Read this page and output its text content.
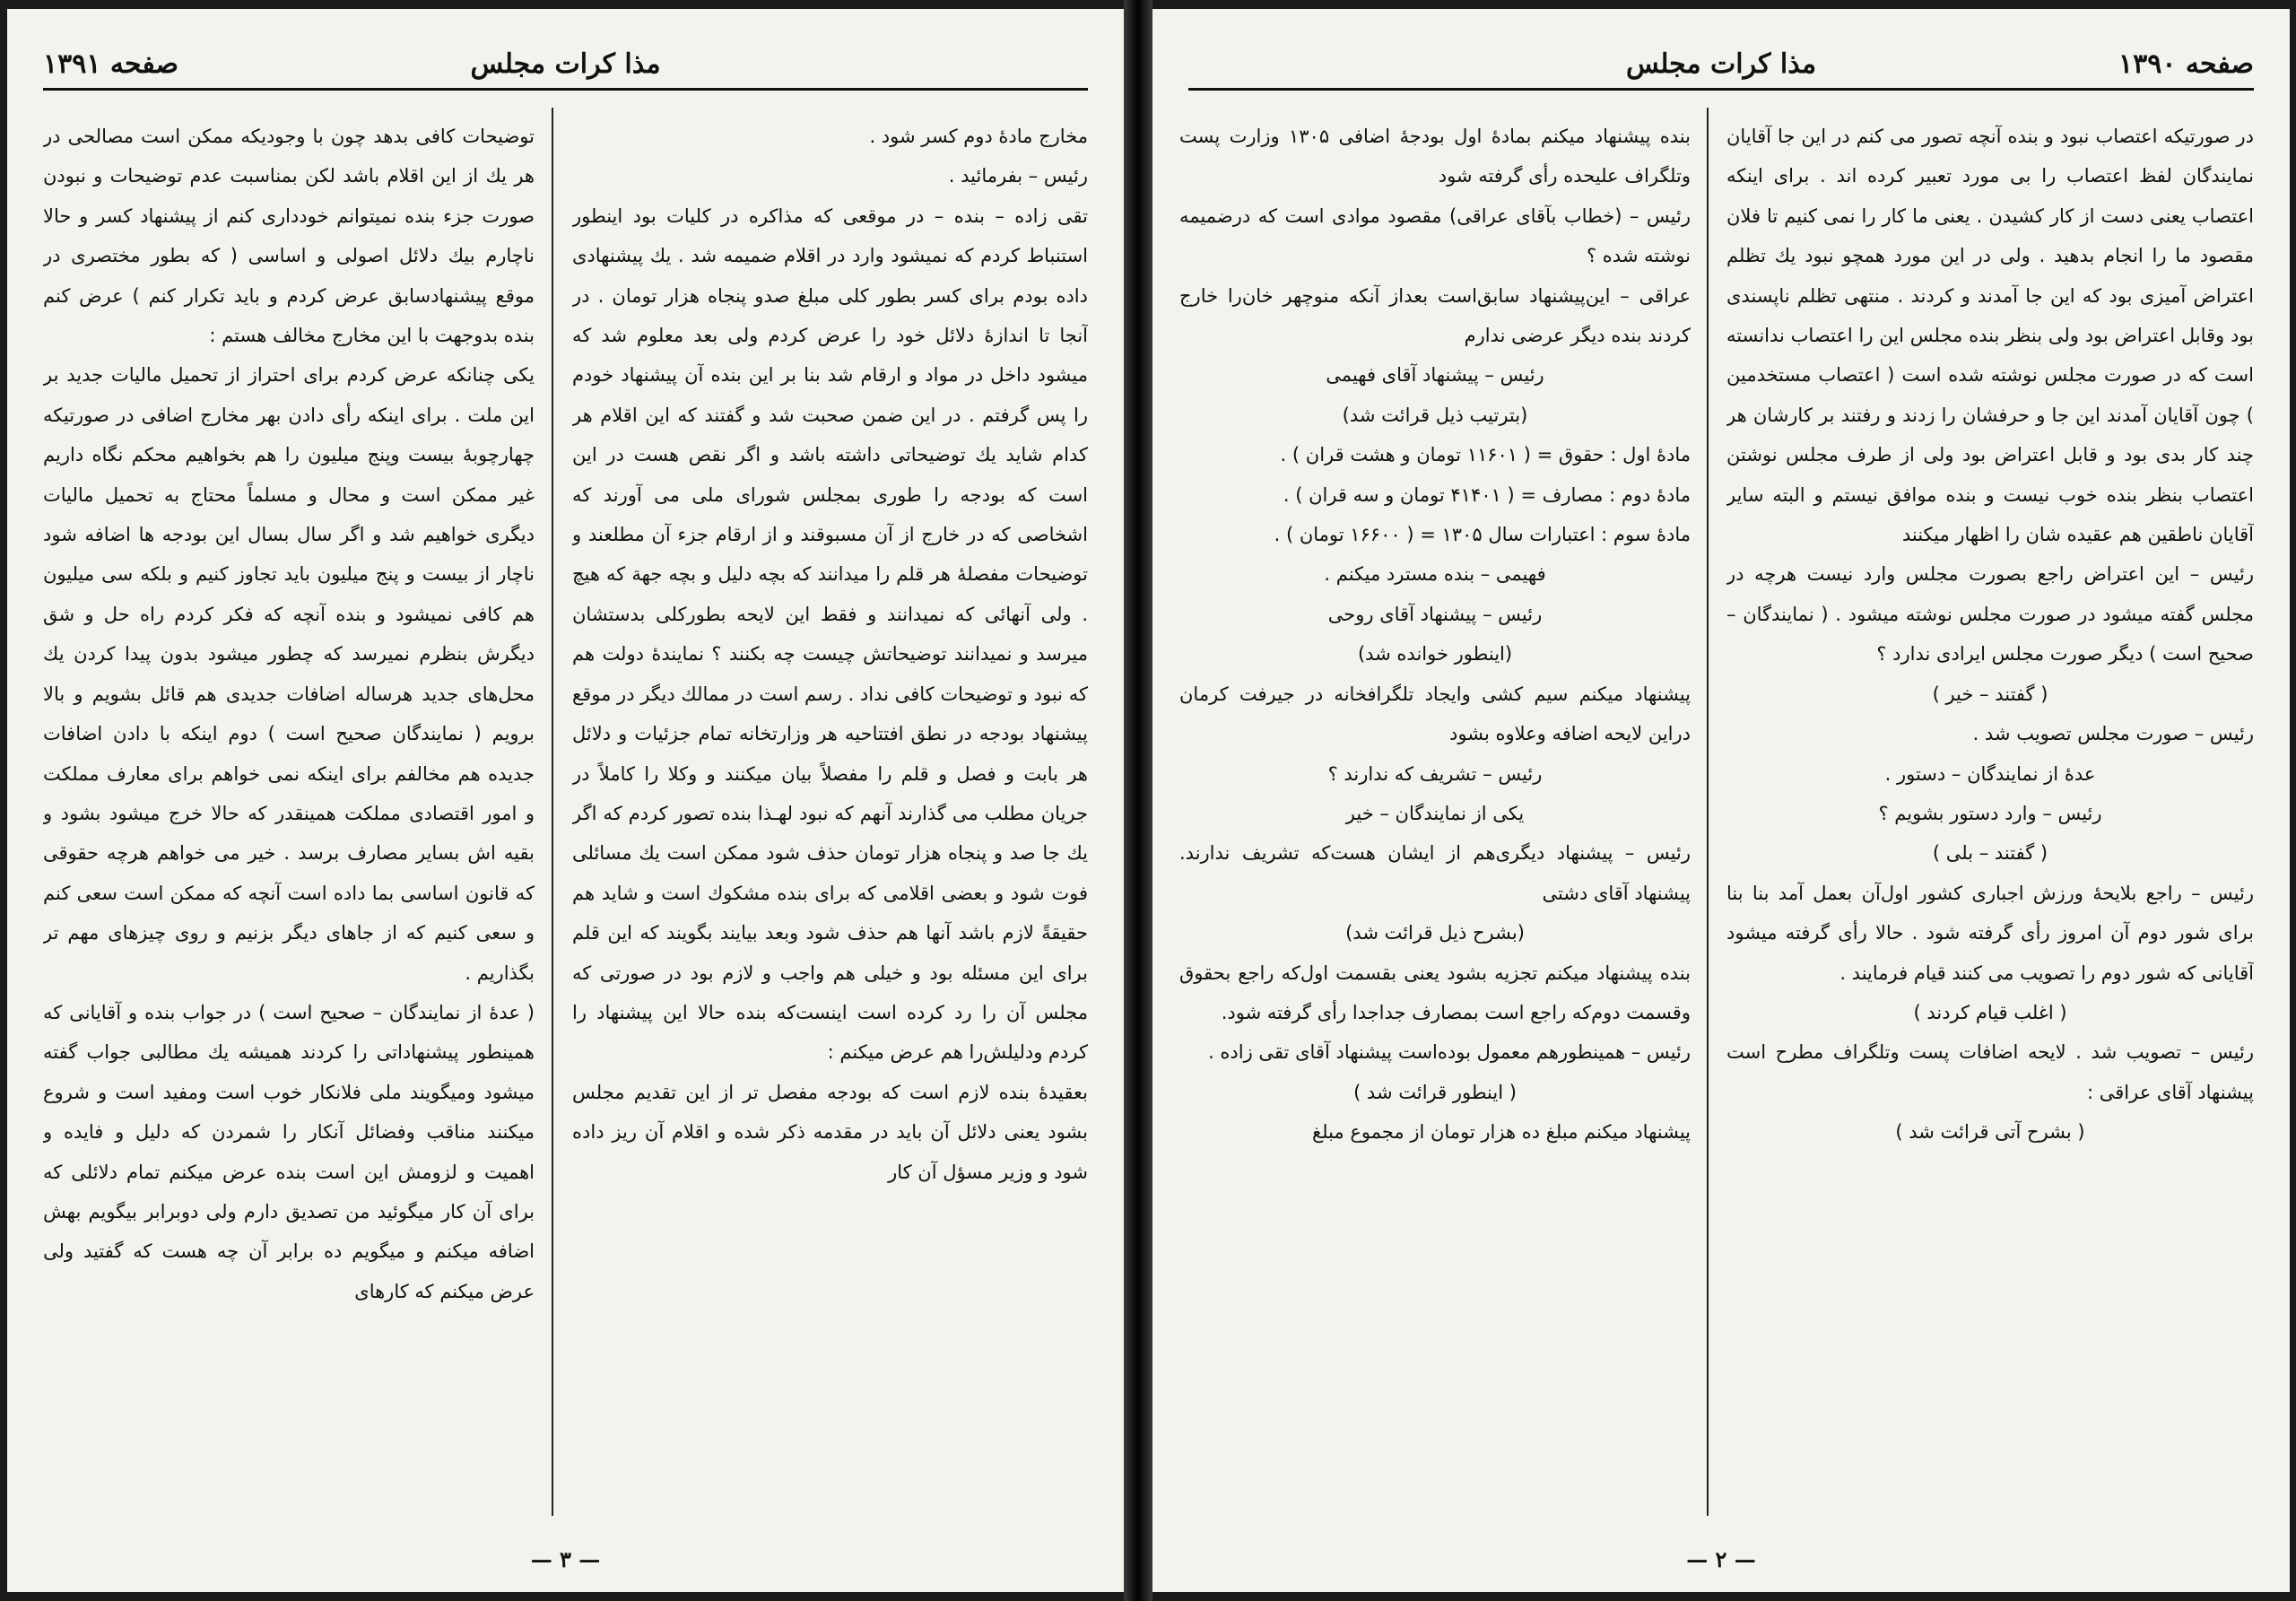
مذا کرات مجلس
صفحه ۱۳۹۱

مخارج مادۀ دوم کسر شود .

رئیس – بفرمائید .

تقی زاده – بنده – در موقعی که مذاکره در کلیات بود اینطور استنباط کردم که نمیشود وارد در اقلام ضمیمه شد . یك پیشنهادی داده بودم برای کسر بطور کلی مبلغ صدو پنجاه هزار تومان . در آنجا تا اندازۀ دلائل خود را عرض کردم ولی بعد معلوم شد که میشود داخل در مواد و ارقام شد بنا بر این بنده آن پیشنهاد خودم را پس گرفتم . در این ضمن صحبت شد و گفتند که این اقلام هر کدام شاید یك توضیحاتی داشته باشد و اگر نقص هست در این است که بودجه را طوری بمجلس شورای ملی می آورند که اشخاصی که در خارج از آن مسبوقند و از ارقام جزء آن مطلعند و توضیحات مفصلۀ هر قلم را میدانند که بچه دلیل و بچه جهة که هیچ . ولی آنهائی که نمیدانند و فقط این لایحه بطورکلی بدستشان میرسد و نمیدانند توضیحاتش چیست چه بکنند ؟ نمایندۀ دولت هم که نبود و توضیحات کافی نداد . رسم است در ممالك دیگر در موقع پیشنهاد بودجه در نطق افتتاحیه هر وزارتخانه تمام جزئیات و دلائل هر بابت و فصل و قلم را مفصلاً بیان میکنند و وکلا را کاملاً در جریان مطلب می گذارند آنهم که نبود لهـذا بنده تصور کردم که اگر یك جا صد و پنجاه هزار تومان حذف شود ممکن است یك مسائلی فوت شود و بعضی اقلامی که برای بنده مشکوك است و شاید هم حقیقةً لازم باشد آنها هم حذف شود وبعد بیایند بگویند که این قلم برای این مسئله بود و خیلی هم واجب و لازم بود در صورتی که مجلس آن را رد کرده است اینست‌که بنده حالا این پیشنهاد را کردم ودلیلش‌را هم عرض میکنم :

بعقیدۀ بنده لازم است که بودجه مفصل تر از این تقدیم مجلس بشود یعنی دلائل آن باید در مقدمه ذکر شده و اقلام آن ریز داده شود و وزیر مسؤل آن کار

توضیحات کافی بدهد چون با وجودیکه ممکن است مصالحی در هر یك از این اقلام باشد لکن بمناسبت عدم توضیحات و نبودن صورت جزء بنده نمیتوانم خودداری کنم از پیشنهاد کسر و حالا ناچارم بیك دلائل اصولی و اساسی ( که بطور مختصری در موقع پیشنهادسابق عرض کردم و باید تکرار کنم ) عرض کنم بنده بدوجهت با این مخارج مخالف هستم :

یکی چنانکه عرض کردم برای احتراز از تحمیل مالیات جدید بر این ملت . برای اینکه رأی دادن بهر مخارج اضافی در صورتیکه چهارچوبۀ بیست وپنج میلیون را هم بخواهیم محکم نگاه داریم غیر ممکن است و محال و مسلماً محتاج به تحمیل مالیات دیگری خواهیم شد و اگر سال بسال این بودجه ها اضافه شود ناچار از بیست و پنج میلیون باید تجاوز کنیم و بلکه سی میلیون هم کافی نمیشود و بنده آنچه که فکر کردم راه حل و شق دیگرش بنظرم نمیرسد که چطور میشود بدون پیدا کردن یك محل‌های جدید هرساله اضافات جدیدی هم قائل بشویم و بالا برویم ( نمایندگان صحیح است ) دوم اینکه با دادن اضافات جدیده هم مخالفم برای اینکه نمی خواهم برای معارف مملکت و امور اقتصادی مملکت همینقدر که حالا خرج میشود بشود و بقیه اش بسایر مصارف برسد . خیر می خواهم هرچه حقوقی که قانون اساسی بما داده است آنچه که ممکن است سعی کنم و سعی کنیم که از جاهای دیگر بزنیم و روی چیزهای مهم تر بگذاریم .

( عدۀ از نمایندگان – صحیح است ) در جواب بنده و آقایانی که همینطور پیشنهاداتی را کردند همیشه یك مطالبی جواب گفته میشود ومیگویند ملی فلانکار خوب است ومفید است و شروع میکنند مناقب وفضائل آنکار را شمردن که دلیل و فایده و اهمیت و لزومش این است بنده عرض میکنم تمام دلائلی که برای آن کار میگوئید من تصدیق دارم ولی دوبرابر بیگویم بهش اضافه میکنم و میگویم ده برابر آن چه هست که گفتید ولی عرض میکنم که کارهای

— ۳ —
مذا کرات مجلس	صفحه ۱۳۹۰

در صورتیکه اعتصاب نبود و بنده آنچه تصور می کنم در این جا آقایان نمایندگان لفظ اعتصاب را بی مورد تعبیر کرده اند . برای اینکه اعتصاب یعنی دست از کار کشیدن . یعنی ما کار را نمی کنیم تا فلان مقصود ما را انجام بدهید . ولی در این مورد همچو نبود یك تظلم اعتراض آمیزی بود که این جا آمدند و کردند . منتهی تظلم ناپسندی بود وقابل اعتراض بود ولی بنظر بنده مجلس این را اعتصاب ندانسته است که در صورت مجلس نوشته شده است ( اعتصاب مستخدمین ) چون آقایان آمدند این جا و حرفشان را زدند و رفتند بر کارشان هر چند کار بدی بود و قابل اعتراض بود ولی از طرف مجلس نوشتن اعتصاب بنظر بنده خوب نیست و بنده موافق نیستم و البته سایر آقایان ناطقین هم عقیده شان را اظهار میکنند

رئیس – این اعتراض راجع بصورت مجلس وارد نیست هرچه در مجلس گفته میشود در صورت مجلس نوشته میشود . ( نمایندگان – صحیح است ) دیگر صورت مجلس ایرادی ندارد ؟

( گفتند – خیر )

رئیس – صورت مجلس تصویب شد .

عدۀ از نمایندگان – دستور .

رئیس – وارد دستور بشویم ؟

( گفتند – بلی )

رئیس – راجع بلایحۀ ورزش اجباری کشور اول‌آن بعمل آمد بنا بنا برای شور دوم آن امروز رأی گرفته شود . حالا رأی گرفته میشود آقایانی که شور دوم را تصویب می کنند قیام فرمایند .

( اغلب قیام کردند )

رئیس – تصویب شد . لایحه اضافات پست وتلگراف مطرح است پیشنهاد آقای عراقی :

( بشرح آتی قرائت شد )

بنده پیشنهاد میکنم بمادۀ اول بودجۀ اضافی ۱۳۰۵ وزارت پست وتلگراف علیحده رأی گرفته شود

رئیس – (خطاب بآقای عراقی) مقصود موادی است که درضمیمه نوشته شده ؟

عراقی – این‌پیشنهاد سابق‌است بعداز آنکه منوچهر خان‌را خارج کردند بنده دیگر عرضی ندارم

رئیس – پیشنهاد آقای فهیمی

(بترتیب ذیل قرائت شد)

مادۀ اول : حقوق = ( ۱۱۶۰۱ تومان و هشت قران ) .

مادۀ دوم : مصارف = ( ۴۱۴۰۱ تومان و سه قران ) .

مادۀ سوم : اعتبارات سال ۱۳۰۵ = ( ۱۶۶۰۰ تومان ) .

فهیمی – بنده مسترد میکنم .

رئیس – پیشنهاد آقای روحی

(اینطور خوانده شد)

پیشنهاد میکنم سیم کشی وایجاد تلگرافخانه در جیرفت کرمان دراین لایحه اضافه وعلاوه بشود

رئیس – تشریف که ندارند ؟

یکی از نمایندگان – خیر

رئیس – پیشنهاد دیگری‌هم از ایشان هست‌که تشریف ندارند. پیشنهاد آقای دشتی

(بشرح ذیل قرائت شد)

بنده پیشنهاد میکنم تجزیه بشود یعنی بقسمت اول‌که راجع بحقوق وقسمت دوم‌که راجع است بمصارف جداجدا رأی گرفته شود.

رئیس – همینطورهم معمول بوده‌است پیشنهاد آقای تقی زاده .

( اینطور قرائت شد )

پیشنهاد میکنم مبلغ ده هزار تومان از مجموع مبلغ

— ۲ —
